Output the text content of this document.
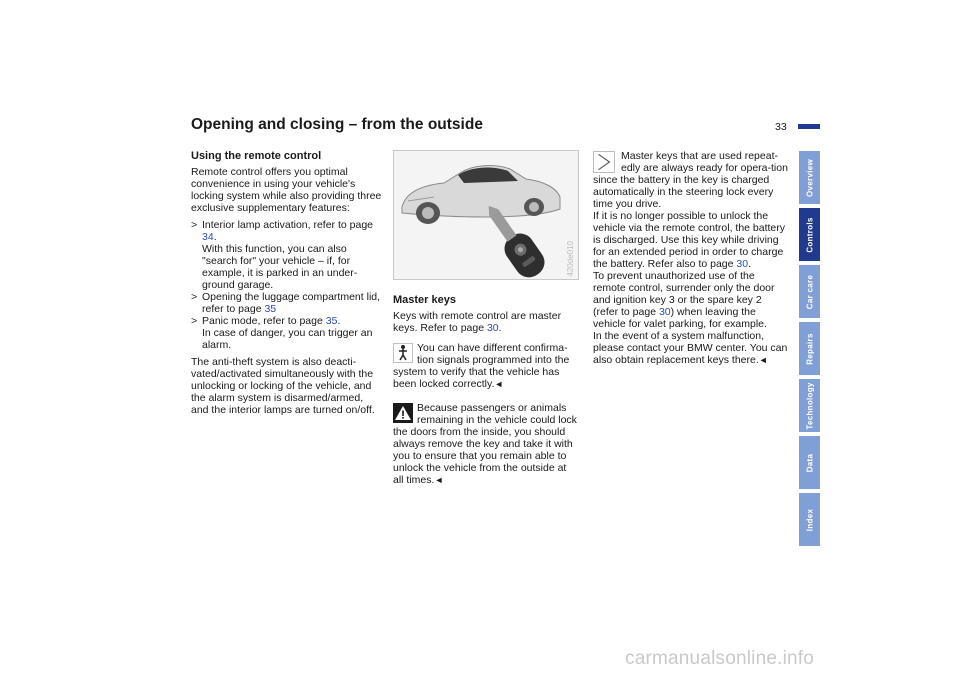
Opening and closing – from the outside	33
Using the remote control

Remote control offers you optimal convenience in using your vehicle's locking system while also providing three exclusive supplementary features:

> Interior lamp activation, refer to page 34.
With this function, you can also "search for" your vehicle – if, for example, it is parked in an under-ground garage.
> Opening the luggage compartment lid, refer to page 35
> Panic mode, refer to page 35.
In case of danger, you can trigger an alarm.

The anti-theft system is also deacti-vated/activated simultaneously with the unlocking or locking of the vehicle, and the alarm system is disarmed/armed, and the interior lamps are turned on/off.

420de010
Master keys

Keys with remote control are master keys. Refer to page 30.

You can have different confirma-tion signals programmed into the system to verify that the vehicle has been locked correctly.◄
Because passengers or animals remaining in the vehicle could lock the doors from the inside, you should always remove the key and take it with you to ensure that you remain able to unlock the vehicle from the outside at all times.◄
Master keys that are used repeat-edly are always ready for opera-tion since the battery in the key is charged automatically in the steering lock every time you drive.

If it is no longer possible to unlock the vehicle via the remote control, the battery is discharged. Use this key while driving for an extended period in order to charge the battery. Refer also to page 30.

To prevent unauthorized use of the remote control, surrender only the door and ignition key 3 or the spare key 2 (refer to page 30) when leaving the vehicle for valet parking, for example.

In the event of a system malfunction, please contact your BMW center. You can also obtain replacement keys there.◄

Overview
Controls
Car care
Repairs
Technology
Data
Index
carmanualsonline.info
